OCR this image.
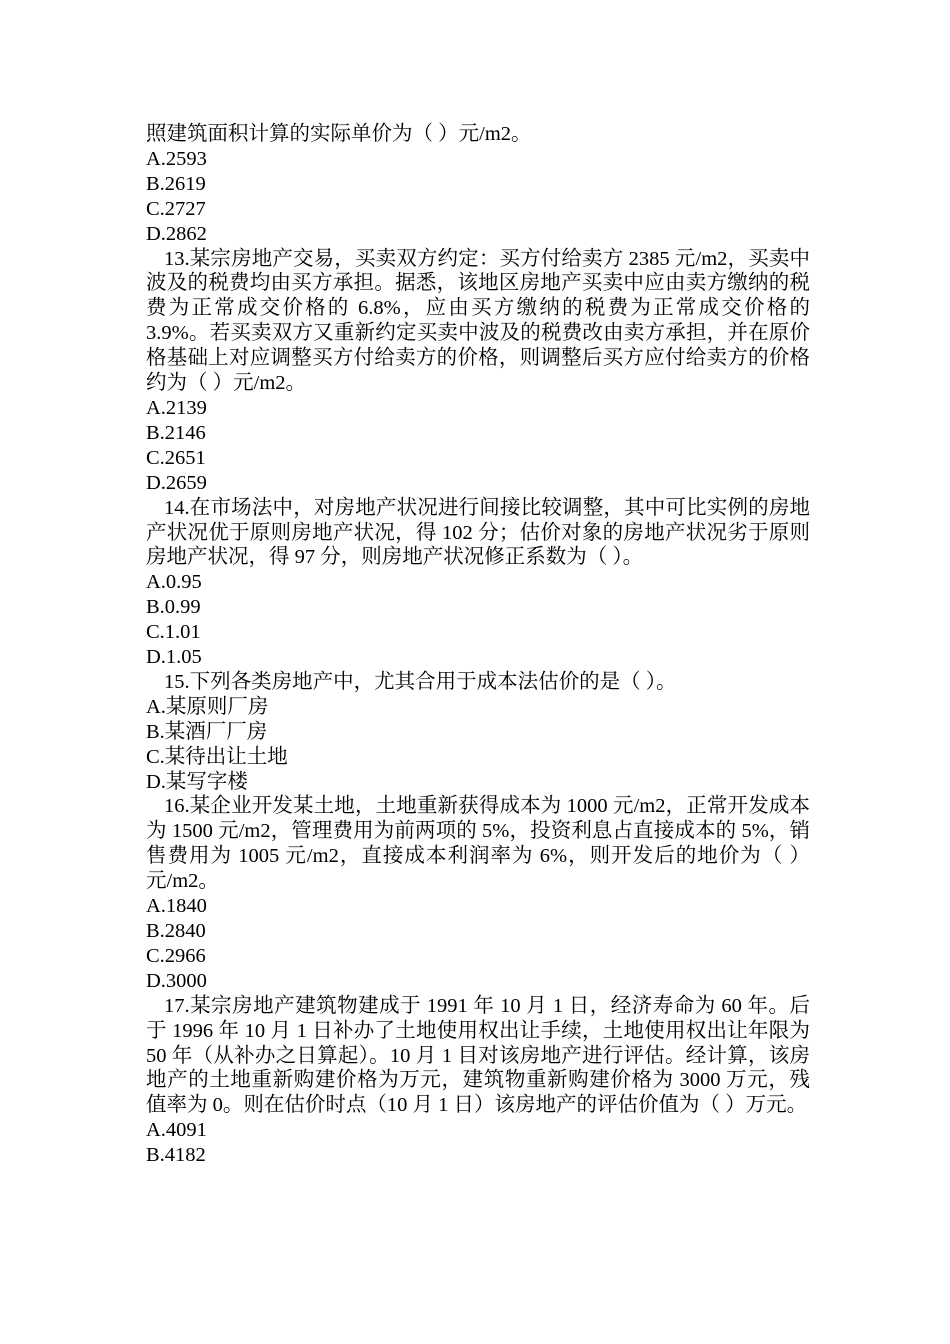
照建筑面积计算的实际单价为（ ）元/m2。

A.2593

B.2619

C.2727

D.2862

13.某宗房地产交易，买卖双方约定：买方付给卖方 2385 元/m2，买卖中波及的税费均由买方承担。据悉，该地区房地产买卖中应由卖方缴纳的税费为正常成交价格的 6.8%，应由买方缴纳的税费为正常成交价格的 3.9%。若买卖双方又重新约定买卖中波及的税费改由卖方承担，并在原价格基础上对应调整买方付给卖方的价格，则调整后买方应付给卖方的价格约为（ ）元/m2。

A.2139

B.2146

C.2651

D.2659

14.在市场法中，对房地产状况进行间接比较调整，其中可比实例的房地产状况优于原则房地产状况，得 102 分；估价对象的房地产状况劣于原则房地产状况，得 97 分，则房地产状况修正系数为（ ）。

A.0.95

B.0.99

C.1.01

D.1.05

15.下列各类房地产中，尤其合用于成本法估价的是（ ）。

A.某原则厂房

B.某酒厂厂房

C.某待出让土地

D.某写字楼

16.某企业开发某土地，土地重新获得成本为 1000 元/m2，正常开发成本为 1500 元/m2，管理费用为前两项的 5%，投资利息占直接成本的 5%，销售费用为 1005 元/m2，直接成本利润率为 6%，则开发后的地价为（ ）元/m2。

A.1840

B.2840

C.2966

D.3000

17.某宗房地产建筑物建成于 1991 年 10 月 1 日，经济寿命为 60 年。后于 1996 年 10 月 1 日补办了土地使用权出让手续，土地使用权出让年限为 50 年（从补办之日算起）。10 月 1 目对该房地产进行评估。经计算，该房地产的土地重新购建价格为万元，建筑物重新购建价格为 3000 万元，残值率为 0。则在估价时点（10 月 1 日）该房地产的评估价值为（ ）万元。

A.4091

B.4182
